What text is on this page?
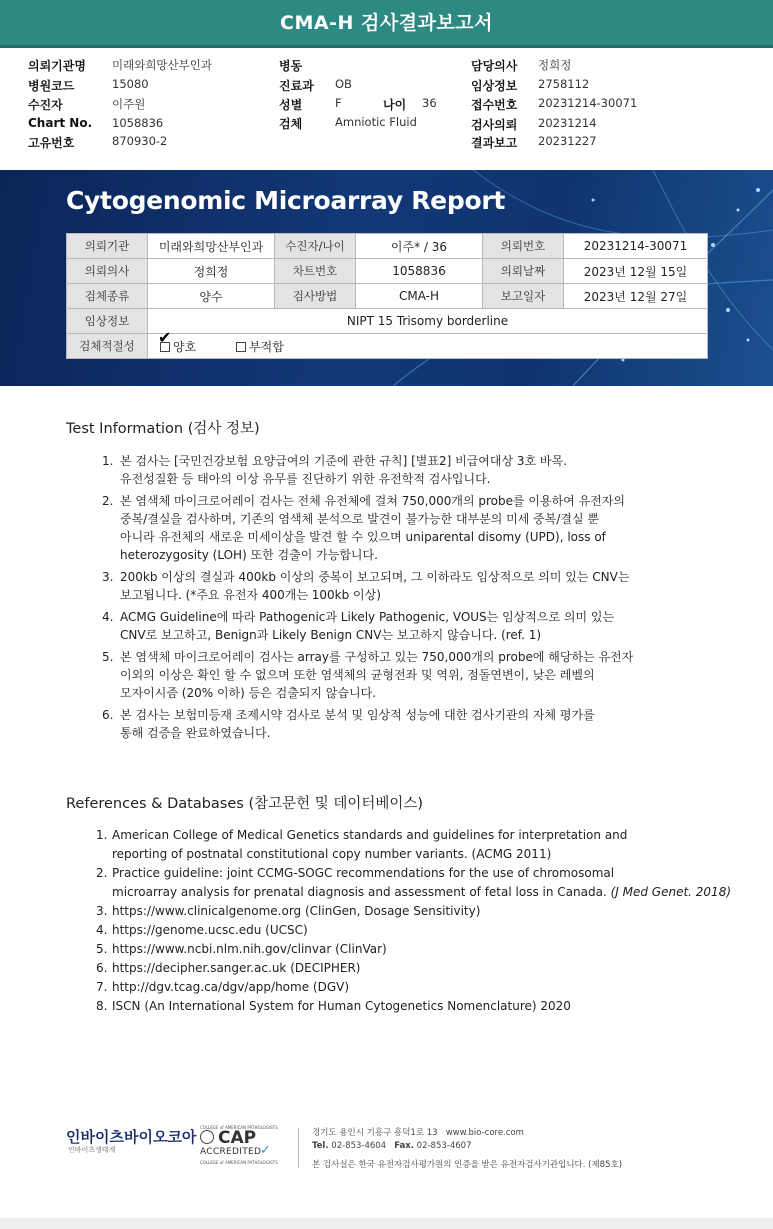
CMA-H 검사결과보고서
의뢰기관명 미래와희망산부인과
병원코드	15080
수진자	이주원
Chart No. 1058836
고유번호	870930-2
병동
진료과 OB
성별	F	나이 36
검체	Amniotic Fluid
담당의사 정희정
임상정보 2758112
접수번호 20231214-30071
검사의뢰 20231214
결과보고 20231227
Cytogenomic Microarray Report
의뢰기관	미래와희망산부인과	수진자/나이	이주* / 36	의뢰번호	20231214-30071
의뢰의사	정희정	차트번호	1058836	의뢰날짜	2023년 12월 15일
검체종류	양수	검사방법	CMA-H	보고일자	2023년 12월 27일
임상정보	NIPT 15 Trisomy borderline				
검체적절성	✔ 양호 부적합				
Test Information (검사 정보)
1. 본 검사는 [국민건강보험 요양급여의 기준에 관한 규칙] [별표2] 비급여대상 3호 바목.
유전성질환 등 태아의 이상 유무를 진단하기 위한 유전학적 검사입니다.
2. 본 염색체 마이크로어레이 검사는 전체 유전체에 걸쳐 750,000개의 probe를 이용하여 유전자의
중복/결실을 검사하며, 기존의 염색체 분석으로 발견이 불가능한 대부분의 미세 중복/결실 뿐
아니라 유전체의 새로운 미세이상을 발견 할 수 있으며 uniparental disomy (UPD), loss of
heterozygosity (LOH) 또한 검출이 가능합니다.
3. 200kb 이상의 결실과 400kb 이상의 중복이 보고되며, 그 이하라도 임상적으로 의미 있는 CNV는
보고됩니다. (*주요 유전자 400개는 100kb 이상)
4. ACMG Guideline에 따라 Pathogenic과 Likely Pathogenic, VOUS는 임상적으로 의미 있는
CNV로 보고하고, Benign과 Likely Benign CNV는 보고하지 않습니다. (ref. 1)
5. 본 염색체 마이크로어레이 검사는 array를 구성하고 있는 750,000개의 probe에 해당하는 유전자
이외의 이상은 확인 할 수 없으며 또한 염색체의 균형전좌 및 역위, 점돌연변이, 낮은 레벨의
모자이시즘 (20% 이하) 등은 검출되지 않습니다.
6. 본 검사는 보험미등재 조제시약 검사로 분석 및 임상적 성능에 대한 검사기관의 자체 평가를
통해 검증을 완료하였습니다.
References & Databases (참고문헌 및 데이터베이스)
1. American College of Medical Genetics standards and guidelines for interpretation and
reporting of postnatal constitutional copy number variants. (ACMG 2011)
2. Practice guideline: joint CCMG-SOGC recommendations for the use of chromosomal
microarray analysis for prenatal diagnosis and assessment of fetal loss in Canada. (J Med Genet. 2018)
3. https://www.clinicalgenome.org (ClinGen, Dosage Sensitivity)
4. https://genome.ucsc.edu (UCSC)
5. https://www.ncbi.nlm.nih.gov/clinvar (ClinVar)
6. https://decipher.sanger.ac.uk (DECIPHER)
7. http://dgv.tcag.ca/dgv/app/home (DGV)
8. ISCN (An International System for Human Cytogenetics Nomenclature) 2020
인바이츠바이오코아
인바이츠생태계
COLLEGE of AMERICAN PATHOLOGISTS
CAP
ACCREDITED
✓
COLLEGE of AMERICAN PATHOLOGISTS
경기도 용인시 기흥구 흥덕1로 13 www.bio-core.com
Tel. 02-853-4604 Fax. 02-853-4607
본 검사실은 한국 유전자검사평가원의 인증을 받은 유전자검사기관입니다. (제85호)
